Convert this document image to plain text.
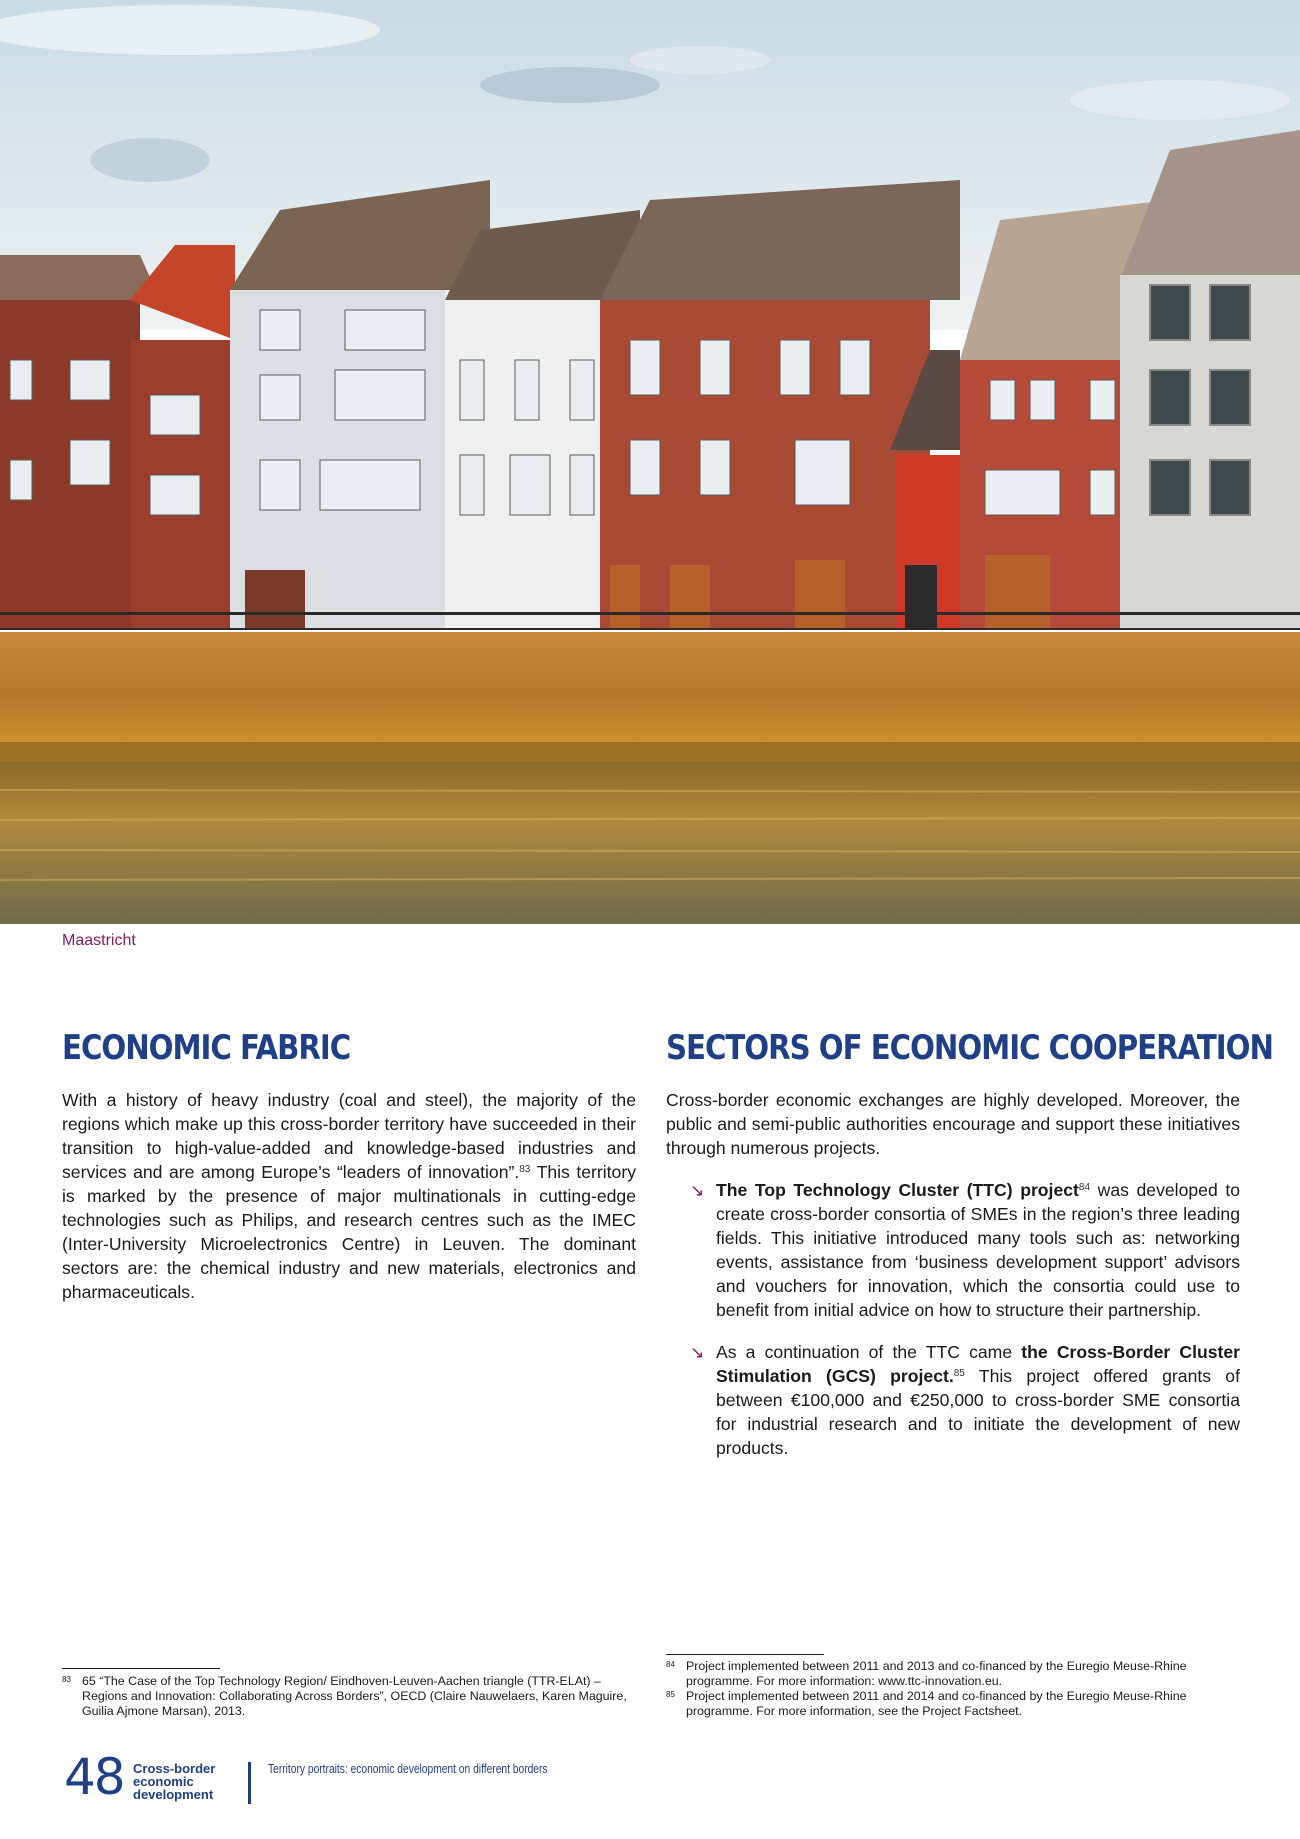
Maastricht
ECONOMIC FABRIC

With a history of heavy industry (coal and steel), the majority of the regions which make up this cross-border territory have succeeded in their transition to high-value-added and knowledge-based industries and services and are among Europe’s “leaders of innovation”.$^{83}$ This territory is marked by the presence of major multinationals in cutting-edge technologies such as Philips, and research centres such as the IMEC (Inter-University Microelectronics Centre) in Leuven. The dominant sectors are: the chemical industry and new materials, electronics and pharmaceuticals.

SECTORS OF ECONOMIC COOPERATION

Cross-border economic exchanges are highly developed. Moreover, the public and semi-public authorities encourage and support these initiatives through numerous projects.

↘ The Top Technology Cluster (TTC) project$^{84}$ was developed to create cross-border consortia of SMEs in the region’s three leading fields. This initiative introduced many tools such as: networking events, assistance from ‘business development support’ advisors and vouchers for innovation, which the consortia could use to benefit from initial advice on how to structure their partnership.
↘ As a continuation of the TTC came the Cross-Border Cluster Stimulation (GCS) project.$^{85}$ This project offered grants of between €100,000 and €250,000 to cross-border SME consortia for industrial research and to initiate the development of new products.

83 65 “The Case of the Top Technology Region/ Eindhoven-Leuven-Aachen triangle (TTR-ELAt) – Regions and Innovation: Collaborating Across Borders”, OECD (Claire Nauwelaers, Karen Maguire, Guilia Ajmone Marsan), 2013.

84 Project implemented between 2011 and 2013 and co-financed by the Euregio Meuse-Rhine programme. For more information: www.ttc-innovation.eu.

85 Project implemented between 2011 and 2014 and co-financed by the Euregio Meuse-Rhine programme. For more information, see the Project Factsheet.

48 Cross-border
economic
development
Territory portraits: economic development on different borders
